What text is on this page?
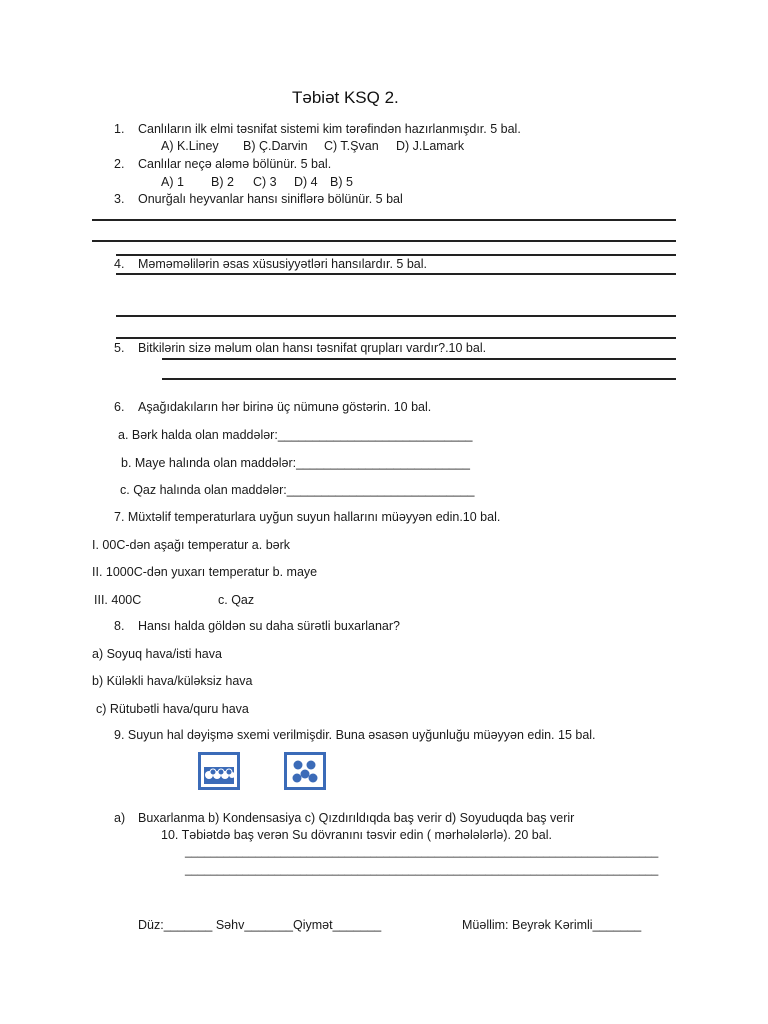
Təbiət KSQ 2.
1. Canlıların ilk elmi təsnifat sistemi kim tərəfindən hazırlanmışdır. 5 bal.
A) K.Liney B) Ç.Darvin C) T.Şvan D) J.Lamark
2. Canlılar neçə aləmə bölünür. 5 bal.
A) 1 B) 2 C) 3 D) 4 B) 5
3. Onurğalı heyvanlar hansı siniflərə bölünür. 5 bal
4. Məməməlilərin əsas xüsusiyyətləri hansılardır. 5 bal.
5. Bitkilərin sizə məlum olan hansı təsnifat qrupları vardır?.10 bal.
6. Aşağıdakıların hər birinə üç nümunə göstərin. 10 bal.
a. Bərk halda olan maddələr:____________________________
b. Maye halında olan maddələr:_________________________
c. Qaz halında olan maddələr:___________________________
7. Müxtəlif temperaturlara uyğun suyun hallarını müəyyən edin.10 bal.
I. 00C-dən aşağı temperatur a. bərk
II. 1000C-dən yuxarı temperatur b. maye
III. 400C	c. Qaz
8. Hansı halda göldən su daha sürətli buxarlanar?
a) Soyuq hava/isti hava
b) Küləkli hava/küləksiz hava
c) Rütubətli hava/quru hava
9. Suyun hal dəyişmə sxemi verilmişdir. Buna əsasən uyğunluğu müəyyən edin. 15 bal.
a) Buxarlanma b) Kondensasiya c) Qızdırıldıqda baş verir d) Soyuduqda baş verir
10. Təbiətdə baş verən Su dövranını təsvir edin ( mərhələlərlə). 20 bal.
__________________________________________________________________________
__________________________________________________________________________
Düz:_______ Səhv_______Qiymət_______	Müəllim: Beyrək Kərimli_______
